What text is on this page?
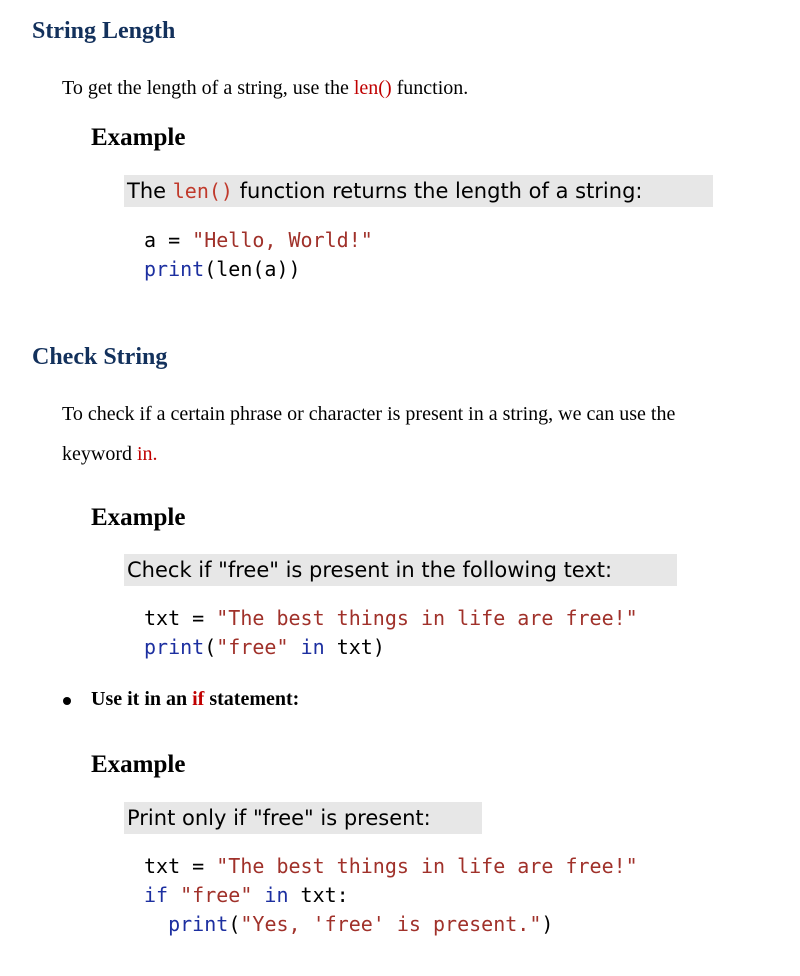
String Length
To get the length of a string, use the len() function.
Example
The len() function returns the length of a string:
a = "Hello, World!"
print(len(a))
Check String
To check if a certain phrase or character is present in a string, we can use the
keyword in.
Example
Check if "free" is present in the following text:
txt = "The best things in life are free!"
print("free" in txt)
Use it in an if statement:
Example
Print only if "free" is present:
txt = "The best things in life are free!"
if "free" in txt:
print("Yes, 'free' is present.")
